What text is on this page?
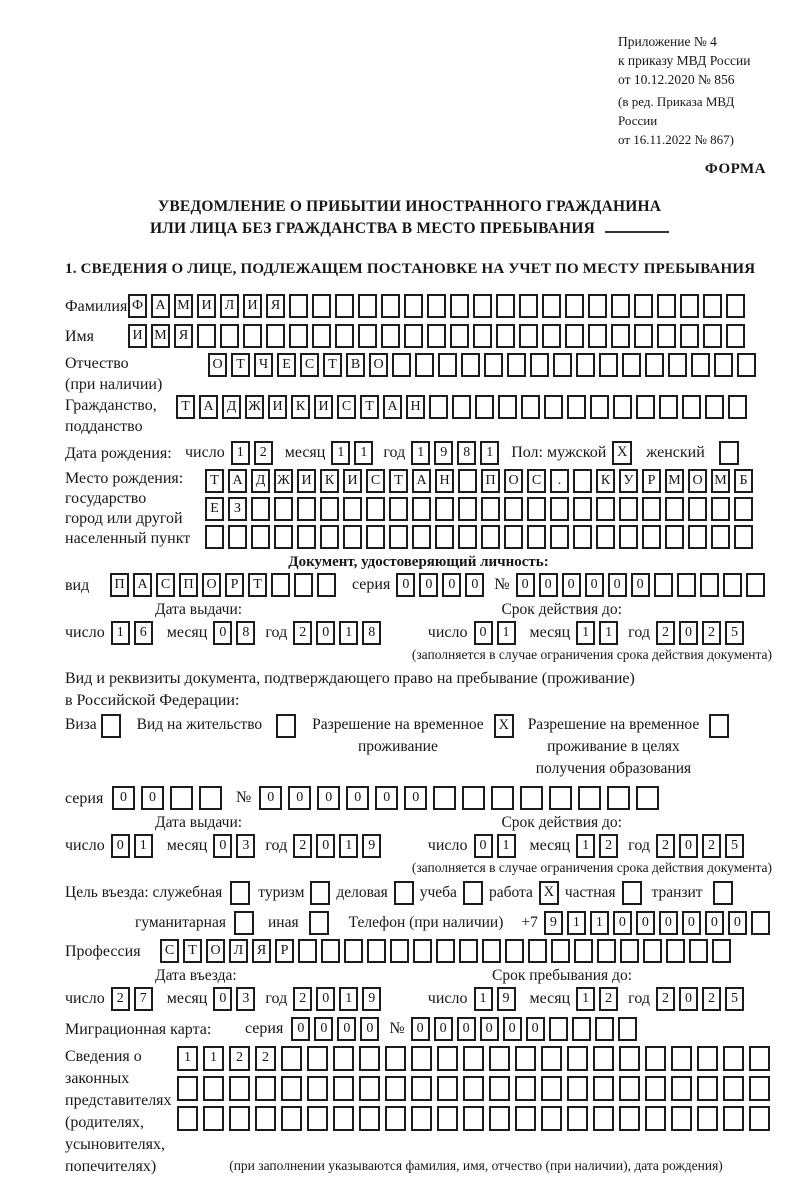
Приложение № 4
к приказу МВД России
от 10.12.2020 № 856
(в ред. Приказа МВД России
от 16.11.2022 № 867)
ФОРМА
УВЕДОМЛЕНИЕ О ПРИБЫТИИ ИНОСТРАННОГО ГРАЖДАНИНА
ИЛИ ЛИЦА БЕЗ ГРАЖДАНСТВА В МЕСТО ПРЕБЫВАНИЯ
1. СВЕДЕНИЯ О ЛИЦЕ, ПОДЛЕЖАЩЕМ ПОСТАНОВКЕ НА УЧЕТ ПО МЕСТУ ПРЕБЫВАНИЯ
Фамилия Ф А М И Л И Я
Имя	И М Я
Отчество
(при наличии)
О Т	Ч	Е	С	Т	В О
Гражданство,
подданство
Т А Д Ж И К И С	Т А Н
Дата рождения: число 1	2	месяц 1	1	год 1	9	8	1	Пол: мужской X женский
Место рождения:
государство
город или другой
населенный пункт
Т А Д Ж И К И С	Т А Н	П О С	.	К У	Р М О М Б
Е	З
Документ, удостоверяющий личность:
вид	П А С П О	Р	Т	серия 0	0	0	0	№ 0	0	0	0	0	0
Дата выдачи:	Срок действия до:
число 1	6	месяц 0	8	год 2	0	1	8	число 0	1	месяц 1	1	год 2	0	2	5
(заполняется в случае ограничения срока действия документа)
Вид и реквизиты документа, подтверждающего право на пребывание (проживание)
в Российской Федерации:
Виза	Вид на жительство	Разрешение на временное
проживание
X	Разрешение на временное
проживание в целях
получения образования
серия	0	0	№	0	0	0	0	0	0
Дата выдачи:	Срок действия до:
число 0	1	месяц 0	3	год 2	0	1	9	число 0	1	месяц 1	2	год 2	0	2	5
(заполняется в случае ограничения срока действия документа)
Цель въезда: служебная туризм деловая учеба работа X частная транзит
гуманитарная	иная	Телефон (при наличии) +7 9	1	1	0	0	0	0	0	0
Профессия	С	Т О Л Я	Р
Дата въезда:	Срок пребывания до:
число 2	7	месяц 0	3	год 2	0	1	9	число 1	9	месяц 1	2	год 2	0	2	5
Миграционная карта:	серия	0	0	0	0	№ 0	0	0	0	0	0
Сведения о
законных
представителях
(родителях,
усыновителях,
попечителях)
1	1	2	2
(при заполнении указываются фамилия, имя, отчество (при наличии), дата рождения)
